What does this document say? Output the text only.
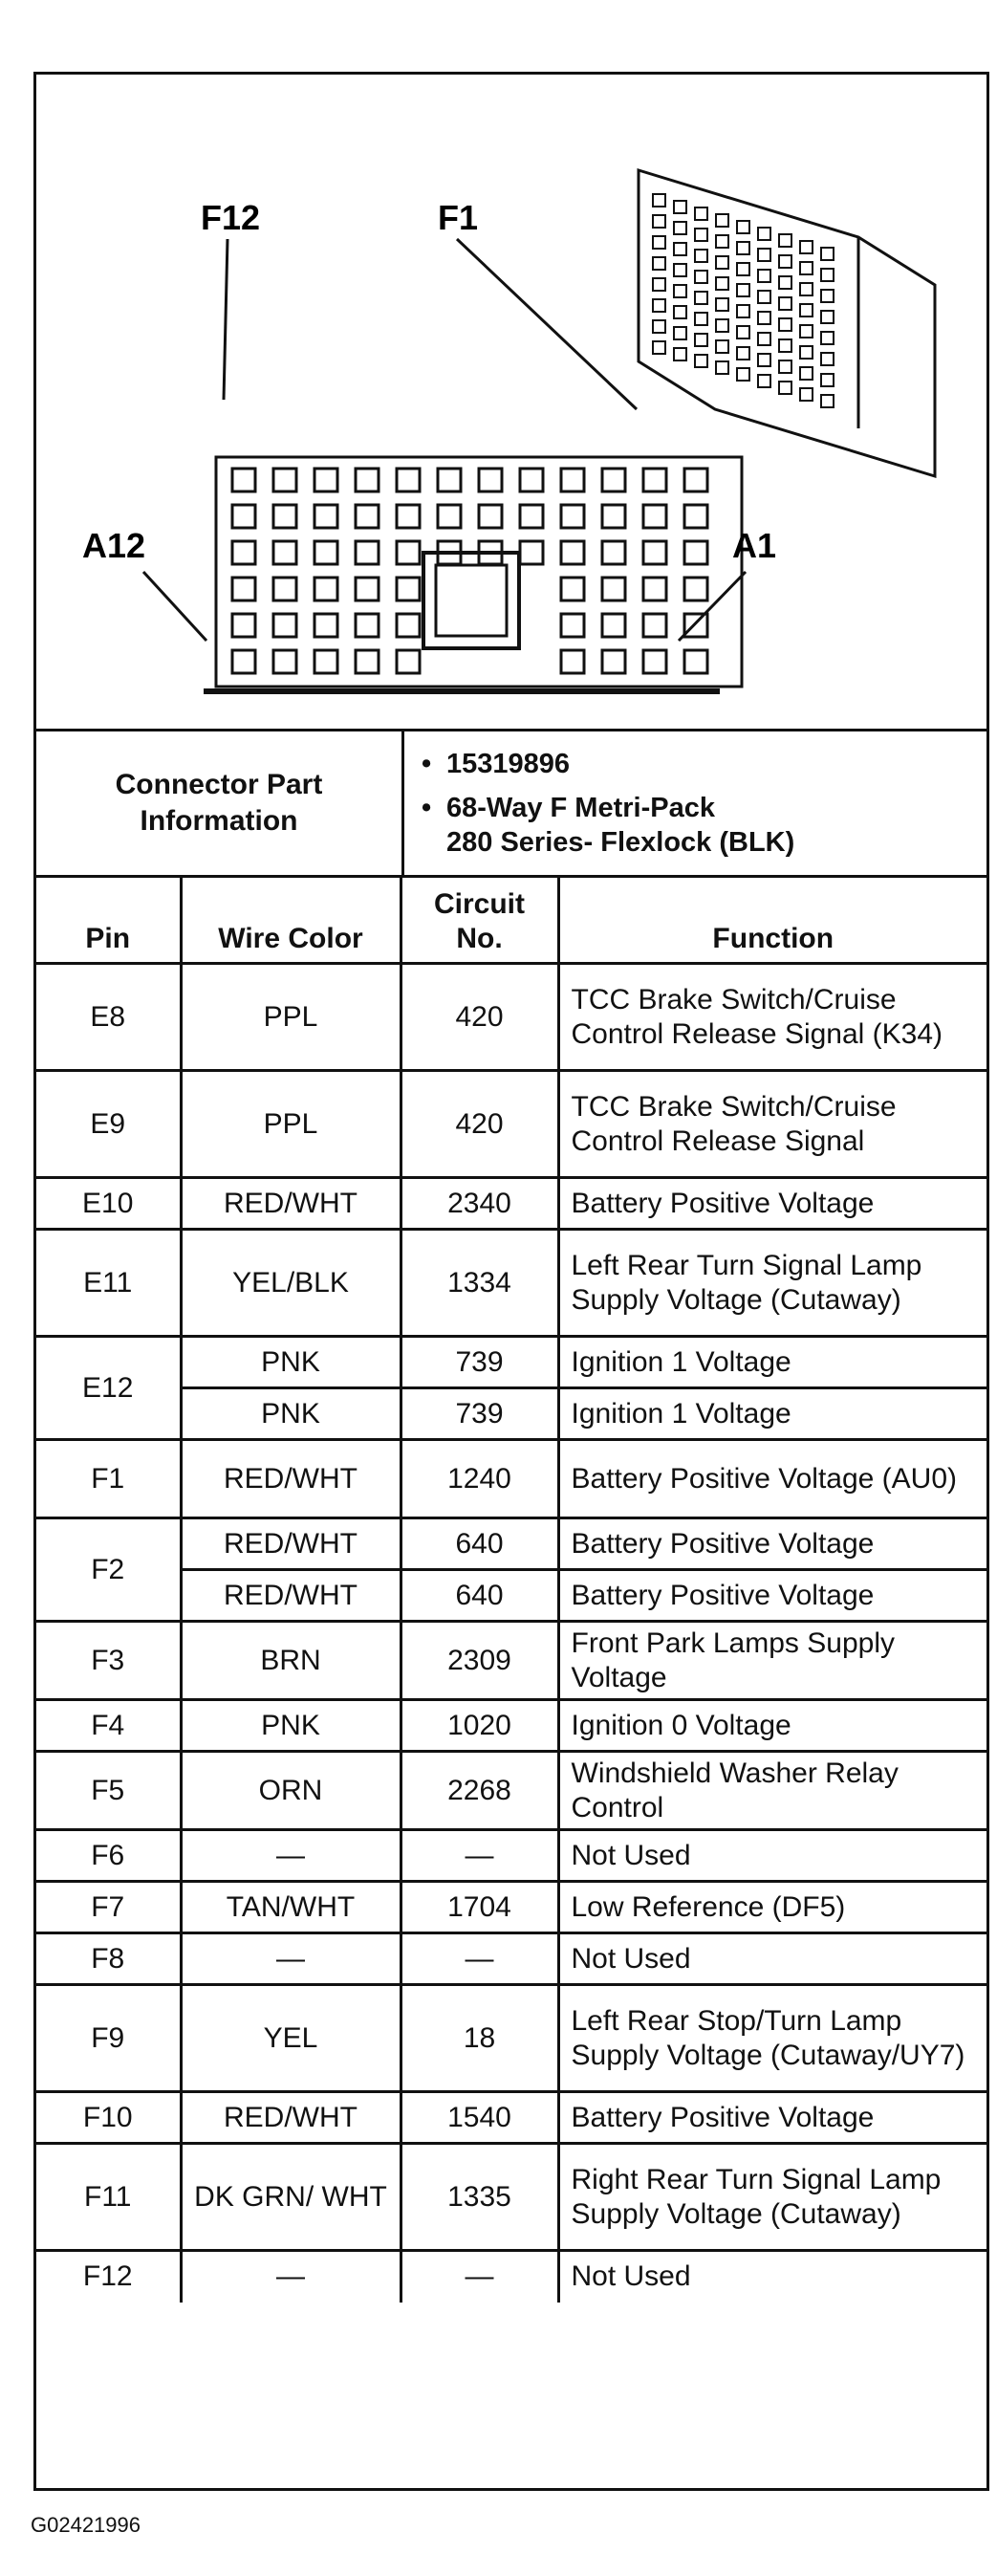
F12	F1
A12	A1
Connector Part Information
• 15319896
• 68-Way F Metri-Pack
280 Series- Flexlock (BLK)
Pin	Wire Color	Circuit No.	Function
E8	PPL	420	TCC Brake Switch/Cruise Control Release Signal (K34)
E9	PPL	420	TCC Brake Switch/Cruise Control Release Signal
E10	RED/WHT	2340	Battery Positive Voltage
E11	YEL/BLK	1334	Left Rear Turn Signal Lamp Supply Voltage (Cutaway)
E12	PNK	739	Ignition 1 Voltage
	PNK	739	Ignition 1 Voltage
F1	RED/WHT	1240	Battery Positive Voltage (AU0)
F2	RED/WHT	640	Battery Positive Voltage
	RED/WHT	640	Battery Positive Voltage
F3	BRN	2309	Front Park Lamps Supply Voltage
F4	PNK	1020	Ignition 0 Voltage
F5	ORN	2268	Windshield Washer Relay Control
F6	—	—	Not Used
F7	TAN/WHT	1704	Low Reference (DF5)
F8	—	—	Not Used
F9	YEL	18	Left Rear Stop/Turn Lamp Supply Voltage (Cutaway/UY7)
F10	RED/WHT	1540	Battery Positive Voltage
F11	DK GRN/ WHT	1335	Right Rear Turn Signal Lamp Supply Voltage (Cutaway)
F12	—	—	Not Used
G02421996
